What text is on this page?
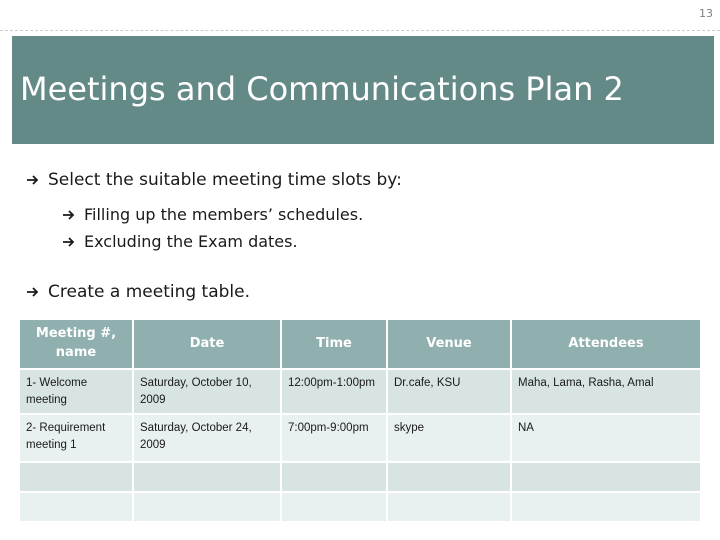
13
Meetings and Communications Plan 2
Select the suitable meeting time slots by:
Filling up the members’ schedules.
Excluding the Exam dates.
Create a meeting table.
Meeting #, name	Date	Time	Venue	Attendees
1- Welcome meeting	Saturday, October 10, 2009	12:00pm-1:00pm	Dr.cafe, KSU	Maha, Lama, Rasha, Amal
2- Requirement meeting 1	Saturday, October 24, 2009	7:00pm-9:00pm	skype	NA
